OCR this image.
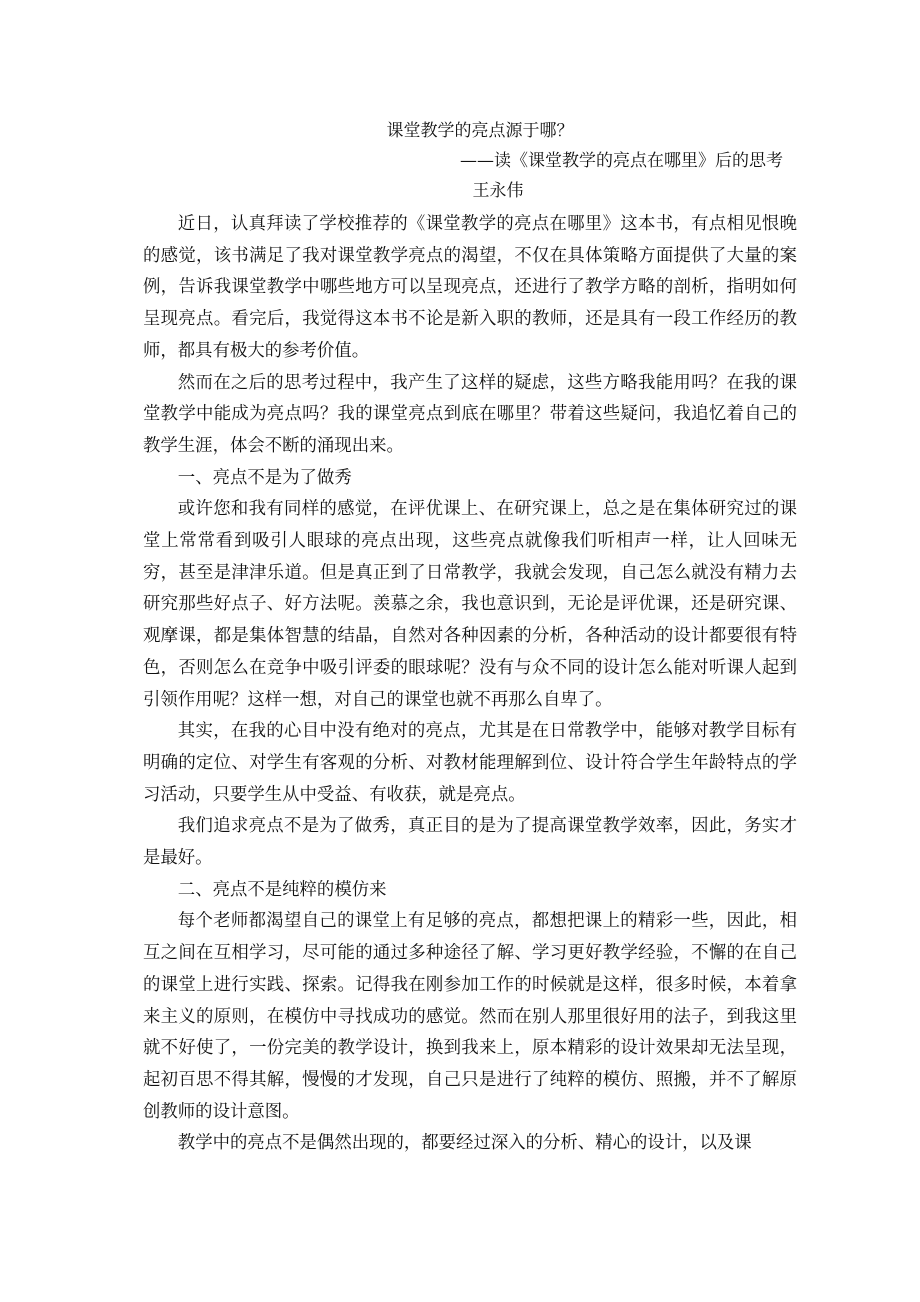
课堂教学的亮点源于哪？

——读《课堂教学的亮点在哪里》后的思考

王永伟

近日，认真拜读了学校推荐的《课堂教学的亮点在哪里》这本书，有点相见恨晚的感觉，该书满足了我对课堂教学亮点的渴望，不仅在具体策略方面提供了大量的案例，告诉我课堂教学中哪些地方可以呈现亮点，还进行了教学方略的剖析，指明如何呈现亮点。看完后，我觉得这本书不论是新入职的教师，还是具有一段工作经历的教师，都具有极大的参考价值。

然而在之后的思考过程中，我产生了这样的疑虑，这些方略我能用吗？在我的课堂教学中能成为亮点吗？我的课堂亮点到底在哪里？带着这些疑问，我追忆着自己的教学生涯，体会不断的涌现出来。

一、亮点不是为了做秀

或许您和我有同样的感觉，在评优课上、在研究课上，总之是在集体研究过的课堂上常常看到吸引人眼球的亮点出现，这些亮点就像我们听相声一样，让人回味无穷，甚至是津津乐道。但是真正到了日常教学，我就会发现，自己怎么就没有精力去研究那些好点子、好方法呢。羡慕之余，我也意识到，无论是评优课，还是研究课、观摩课，都是集体智慧的结晶，自然对各种因素的分析，各种活动的设计都要很有特色，否则怎么在竞争中吸引评委的眼球呢？没有与众不同的设计怎么能对听课人起到引领作用呢？这样一想，对自己的课堂也就不再那么自卑了。

其实，在我的心目中没有绝对的亮点，尤其是在日常教学中，能够对教学目标有明确的定位、对学生有客观的分析、对教材能理解到位、设计符合学生年龄特点的学习活动，只要学生从中受益、有收获，就是亮点。

我们追求亮点不是为了做秀，真正目的是为了提高课堂教学效率，因此，务实才是最好。

二、亮点不是纯粹的模仿来

每个老师都渴望自己的课堂上有足够的亮点，都想把课上的精彩一些，因此，相互之间在互相学习，尽可能的通过多种途径了解、学习更好教学经验，不懈的在自己的课堂上进行实践、探索。记得我在刚参加工作的时候就是这样，很多时候，本着拿来主义的原则，在模仿中寻找成功的感觉。然而在别人那里很好用的法子，到我这里就不好使了，一份完美的教学设计，换到我来上，原本精彩的设计效果却无法呈现，起初百思不得其解，慢慢的才发现，自己只是进行了纯粹的模仿、照搬，并不了解原创教师的设计意图。

教学中的亮点不是偶然出现的，都要经过深入的分析、精心的设计，以及课
